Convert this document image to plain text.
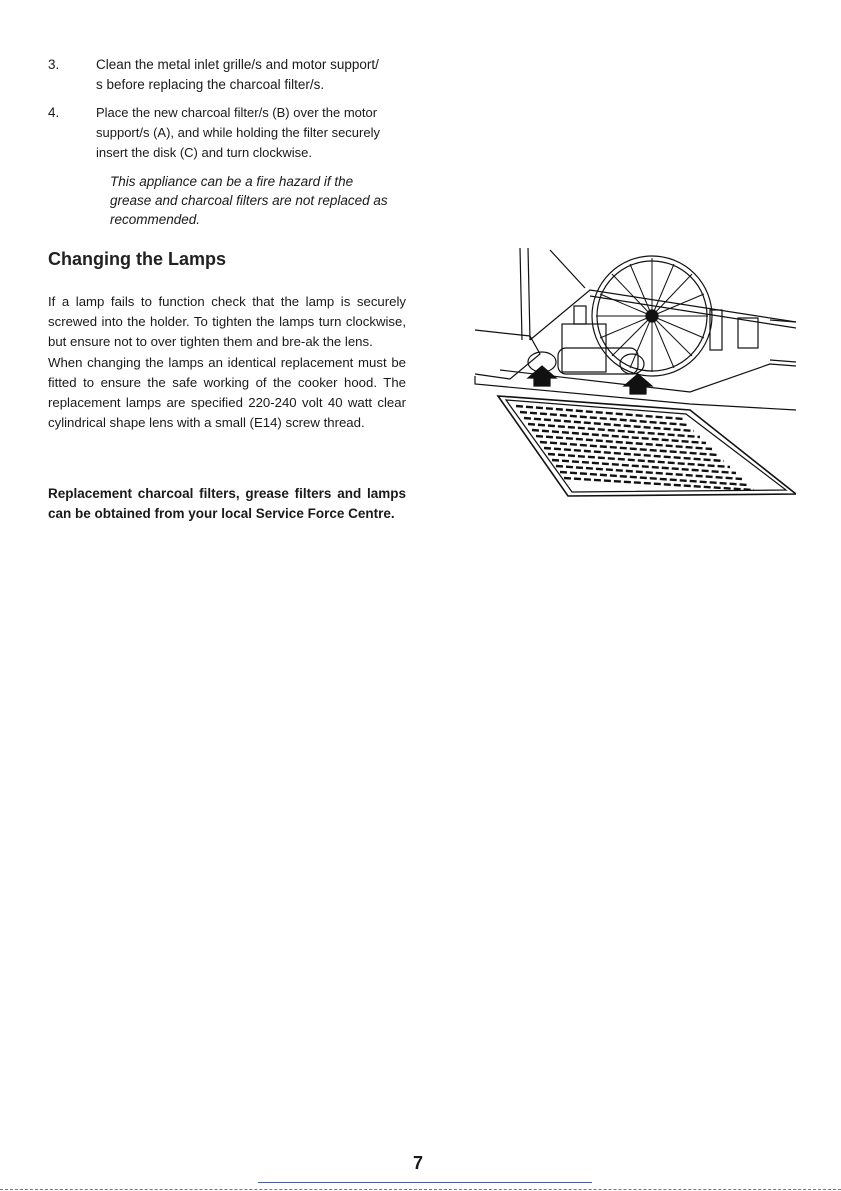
3.	Clean the metal inlet grille/s and motor support/
s before replacing the charcoal filter/s.
4.	Place the new charcoal filter/s (B) over the motor
support/s (A), and while holding the filter securely
insert the disk (C) and turn clockwise.
This appliance can be a fire hazard if the
grease and charcoal filters are not replaced as
recommended.
Changing the Lamps

If a lamp fails to function check that the lamp is securely screwed into the holder. To tighten the lamps turn clockwise, but ensure not to over tighten them and bre-ak the lens.

When changing the lamps an identical replacement must be fitted to ensure the safe working of the cooker hood. The replacement lamps are specified 220-240 volt 40 watt clear cylindrical shape lens with a small (E14) screw thread.

Replacement charcoal filters, grease filters and lamps can be obtained from your local Service Force Centre.

7
